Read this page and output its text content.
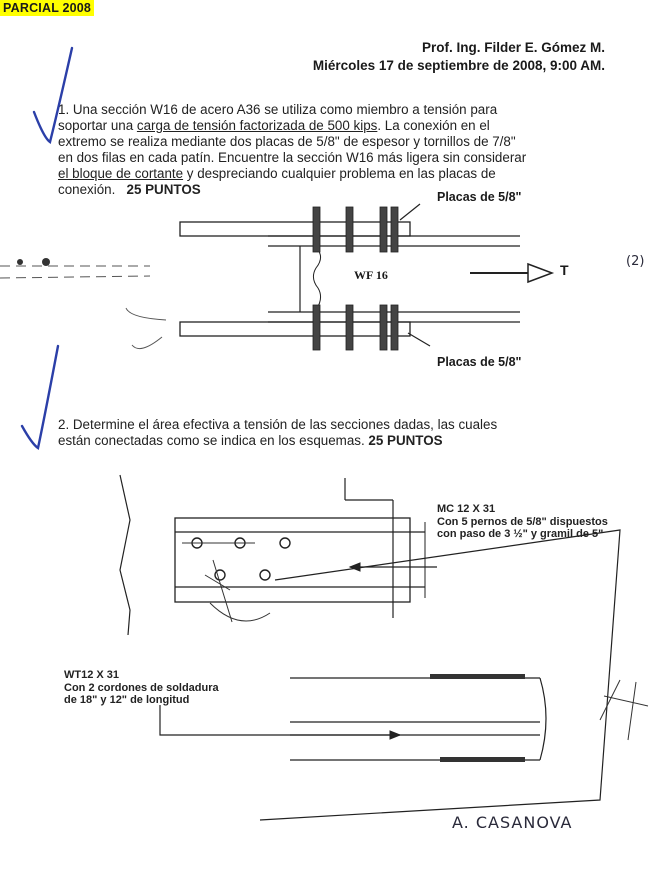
PARCIAL 2008
Prof. Ing. Filder E. Gómez M.
Miércoles 17 de septiembre de 2008, 9:00 AM.
1. Una sección W16 de acero A36 se utiliza como miembro a tensión para
soportar una carga de tensión factorizada de 500 kips. La conexión en el
extremo se realiza mediante dos placas de 5/8" de espesor y tornillos de 7/8"
en dos filas en cada patín. Encuentre la sección W16 más ligera sin considerar
el bloque de cortante y despreciando cualquier problema en las placas de
conexión. 25 PUNTOS	Placas de 5/8"
Placas de 5/8"
WF 16	T
2. Determine el área efectiva a tensión de las secciones dadas, las cuales
están conectadas como se indica en los esquemas. 25 PUNTOS
MC 12 X 31
Con 5 pernos de 5/8" dispuestos
con paso de 3 ½" y gramil de 5"
WT12 X 31
Con 2 cordones de soldadura
de 18" y 12" de longitud
A. CASANOVA
(2)
